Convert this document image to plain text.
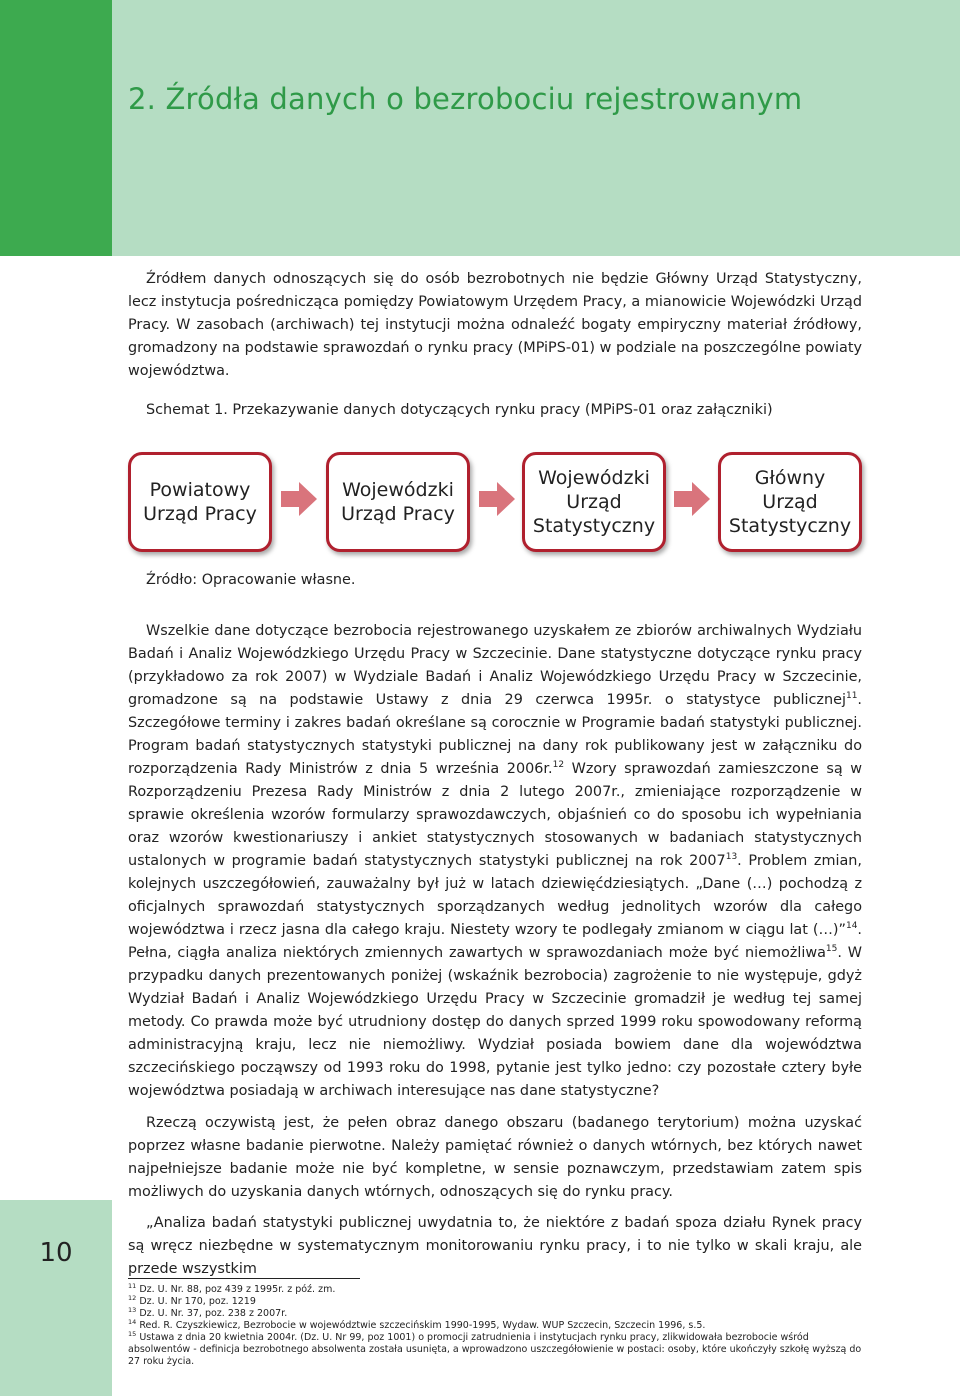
10
2. Źródła danych o bezrobociu rejestrowanym

Źródłem danych odnoszących się do osób bezrobotnych nie będzie Główny Urząd Statystyczny, lecz instytucja pośrednicząca pomiędzy Powiatowym Urzędem Pracy, a mianowicie Wojewódzki Urząd Pracy. W zasobach (archiwach) tej instytucji można odnaleźć bogaty empiryczny materiał źródłowy, gromadzony na podstawie sprawozdań o rynku pracy (MPiPS-01) w podziale na poszczególne powiaty województwa.

Schemat 1. Przekazywanie danych dotyczących rynku pracy (MPiPS-01 oraz załączniki)

Powiatowy
Urząd Pracy
Wojewódzki
Urząd Pracy
Wojewódzki
Urząd
Statystyczny
Główny
Urząd
Statystyczny

Źródło: Opracowanie własne.

Wszelkie dane dotyczące bezrobocia rejestrowanego uzyskałem ze zbiorów archiwalnych Wydziału Badań i Analiz Wojewódzkiego Urzędu Pracy w Szczecinie. Dane statystyczne dotyczące rynku pracy (przykładowo za rok 2007) w Wydziale Badań i Analiz Wojewódzkiego Urzędu Pracy w Szczecinie, gromadzone są na podstawie Ustawy z dnia 29 czerwca 1995r. o statystyce publicznej$^{11}$. Szczegółowe terminy i zakres badań określane są corocznie w Programie badań statystyki publicznej. Program badań statystycznych statystyki publicznej na dany rok publikowany jest w załączniku do rozporządzenia Rady Ministrów z dnia 5 września 2006r.$^{12}$ Wzory sprawozdań zamieszczone są w Rozporządzeniu Prezesa Rady Ministrów z dnia 2 lutego 2007r., zmieniające rozporządzenie w sprawie określenia wzorów formularzy sprawozdawczych, objaśnień co do sposobu ich wypełniania oraz wzorów kwestionariuszy i ankiet statystycznych stosowanych w badaniach statystycznych ustalonych w programie badań statystycznych statystyki publicznej na rok 2007$^{13}$. Problem zmian, kolejnych uszczegółowień, zauważalny był już w latach dziewięćdziesiątych. „Dane (…) pochodzą z oficjalnych sprawozdań statystycznych sporządzanych według jednolitych wzorów dla całego województwa i rzecz jasna dla całego kraju. Niestety wzory te podlegały zmianom w ciągu lat (…)”$^{14}$. Pełna, ciągła analiza niektórych zmiennych zawartych w sprawozdaniach może być niemożliwa$^{15}$. W przypadku danych prezentowanych poniżej (wskaźnik bezrobocia) zagrożenie to nie występuje, gdyż Wydział Badań i Analiz Wojewódzkiego Urzędu Pracy w Szczecinie gromadził je według tej samej metody. Co prawda może być utrudniony dostęp do danych sprzed 1999 roku spowodowany reformą administracyjną kraju, lecz nie niemożliwy. Wydział posiada bowiem dane dla województwa szczecińskiego począwszy od 1993 roku do 1998, pytanie jest tylko jedno: czy pozostałe cztery byłe województwa posiadają w archiwach interesujące nas dane statystyczne?

Rzeczą oczywistą jest, że pełen obraz danego obszaru (badanego terytorium) można uzyskać poprzez własne badanie pierwotne. Należy pamiętać również o danych wtórnych, bez których nawet najpełniejsze badanie może nie być kompletne, w sensie poznawczym, przedstawiam zatem spis możliwych do uzyskania danych wtórnych, odnoszących się do rynku pracy.

„Analiza badań statystyki publicznej uwydatnia to, że niektóre z badań spoza działu Rynek pracy są wręcz niezbędne w systematycznym monitorowaniu rynku pracy, i to nie tylko w skali kraju, ale przede wszystkim

$^{11}$ Dz. U. Nr. 88, poz 439 z 1995r. z póź. zm.

$^{12}$ Dz. U. Nr 170, poz. 1219

$^{13}$ Dz. U. Nr. 37, poz. 238 z 2007r.

$^{14}$ Red. R. Czyszkiewicz, Bezrobocie w województwie szczecińskim 1990-1995, Wydaw. WUP Szczecin, Szczecin 1996, s.5.

$^{15}$ Ustawa z dnia 20 kwietnia 2004r. (Dz. U. Nr 99, poz 1001) o promocji zatrudnienia i instytucjach rynku pracy, zlikwidowała bezrobocie wśród absolwentów - definicja bezrobotnego absolwenta została usunięta, a wprowadzono uszczegółowienie w postaci: osoby, które ukończyły szkołę wyższą do 27 roku życia.
